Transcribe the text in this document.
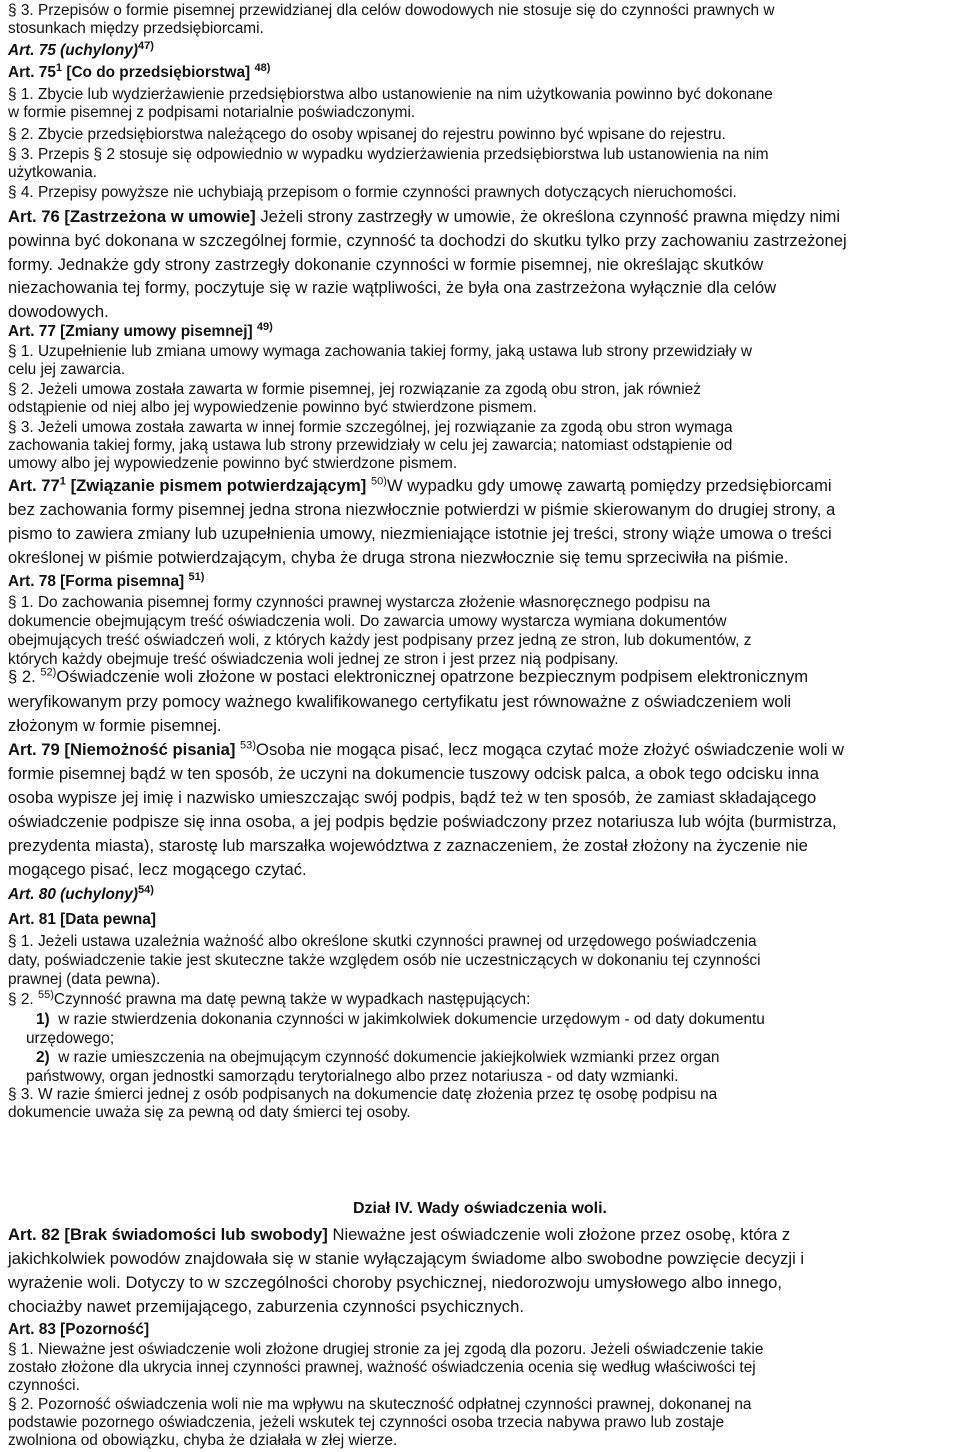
§ 3. Przepisów o formie pisemnej przewidzianej dla celów dowodowych nie stosuje się do czynności prawnych w
stosunkach między przedsiębiorcami.
Art. 75 (uchylony)$^{47)}$
Art. $75^1$ [Co do przedsiębiorstwa] $^{48)}$
§ 1. Zbycie lub wydzierżawienie przedsiębiorstwa albo ustanowienie na nim użytkowania powinno być dokonane
w formie pisemnej z podpisami notarialnie poświadczonymi.
§ 2. Zbycie przedsiębiorstwa należącego do osoby wpisanej do rejestru powinno być wpisane do rejestru.
§ 3. Przepis § 2 stosuje się odpowiednio w wypadku wydzierżawienia przedsiębiorstwa lub ustanowienia na nim
użytkowania.
§ 4. Przepisy powyższe nie uchybiają przepisom o formie czynności prawnych dotyczących nieruchomości.
Art. 76 [Zastrzeżona w umowie] Jeżeli strony zastrzegły w umowie, że określona czynność prawna między nimi
powinna być dokonana w szczególnej formie, czynność ta dochodzi do skutku tylko przy zachowaniu zastrzeżonej
formy. Jednakże gdy strony zastrzegły dokonanie czynności w formie pisemnej, nie określając skutków
niezachowania tej formy, poczytuje się w razie wątpliwości, że była ona zastrzeżona wyłącznie dla celów
dowodowych.
Art. 77 [Zmiany umowy pisemnej] $^{49)}$
§ 1. Uzupełnienie lub zmiana umowy wymaga zachowania takiej formy, jaką ustawa lub strony przewidziały w
celu jej zawarcia.
§ 2. Jeżeli umowa została zawarta w formie pisemnej, jej rozwiązanie za zgodą obu stron, jak również
odstąpienie od niej albo jej wypowiedzenie powinno być stwierdzone pismem.
§ 3. Jeżeli umowa została zawarta w innej formie szczególnej, jej rozwiązanie za zgodą obu stron wymaga
zachowania takiej formy, jaką ustawa lub strony przewidziały w celu jej zawarcia; natomiast odstąpienie od
umowy albo jej wypowiedzenie powinno być stwierdzone pismem.
Art. $77^1$ [Związanie pismem potwierdzającym] $^{50)}$W wypadku gdy umowę zawartą pomiędzy przedsiębiorcami
bez zachowania formy pisemnej jedna strona niezwłocznie potwierdzi w piśmie skierowanym do drugiej strony, a
pismo to zawiera zmiany lub uzupełnienia umowy, niezmieniające istotnie jej treści, strony wiąże umowa o treści
określonej w piśmie potwierdzającym, chyba że druga strona niezwłocznie się temu sprzeciwiła na piśmie.
Art. 78 [Forma pisemna] $^{51)}$
§ 1. Do zachowania pisemnej formy czynności prawnej wystarcza złożenie własnoręcznego podpisu na
dokumencie obejmującym treść oświadczenia woli. Do zawarcia umowy wystarcza wymiana dokumentów
obejmujących treść oświadczeń woli, z których każdy jest podpisany przez jedną ze stron, lub dokumentów, z
których każdy obejmuje treść oświadczenia woli jednej ze stron i jest przez nią podpisany.
§ 2. $^{52)}$Oświadczenie woli złożone w postaci elektronicznej opatrzone bezpiecznym podpisem elektronicznym
weryfikowanym przy pomocy ważnego kwalifikowanego certyfikatu jest równoważne z oświadczeniem woli
złożonym w formie pisemnej.
Art. 79 [Niemożność pisania] $^{53)}$Osoba nie mogąca pisać, lecz mogąca czytać może złożyć oświadczenie woli w
formie pisemnej bądź w ten sposób, że uczyni na dokumencie tuszowy odcisk palca, a obok tego odcisku inna
osoba wypisze jej imię i nazwisko umieszczając swój podpis, bądź też w ten sposób, że zamiast składającego
oświadczenie podpisze się inna osoba, a jej podpis będzie poświadczony przez notariusza lub wójta (burmistrza,
prezydenta miasta), starostę lub marszałka województwa z zaznaczeniem, że został złożony na życzenie nie
mogącego pisać, lecz mogącego czytać.
Art. 80 (uchylony)$^{54)}$
Art. 81 [Data pewna]
§ 1. Jeżeli ustawa uzależnia ważność albo określone skutki czynności prawnej od urzędowego poświadczenia
daty, poświadczenie takie jest skuteczne także względem osób nie uczestniczących w dokonaniu tej czynności
prawnej (data pewna).
§ 2. $^{55)}$Czynność prawna ma datę pewną także w wypadkach następujących:
1) w razie stwierdzenia dokonania czynności w jakimkolwiek dokumencie urzędowym - od daty dokumentu
urzędowego;
2) w razie umieszczenia na obejmującym czynność dokumencie jakiejkolwiek wzmianki przez organ
państwowy, organ jednostki samorządu terytorialnego albo przez notariusza - od daty wzmianki.
§ 3. W razie śmierci jednej z osób podpisanych na dokumencie datę złożenia przez tę osobę podpisu na
dokumencie uważa się za pewną od daty śmierci tej osoby.
Dział IV. Wady oświadczenia woli.
Art. 82 [Brak świadomości lub swobody] Nieważne jest oświadczenie woli złożone przez osobę, która z
jakichkolwiek powodów znajdowała się w stanie wyłączającym świadome albo swobodne powzięcie decyzji i
wyrażenie woli. Dotyczy to w szczególności choroby psychicznej, niedorozwoju umysłowego albo innego,
chociażby nawet przemijającego, zaburzenia czynności psychicznych.
Art. 83 [Pozorność]
§ 1. Nieważne jest oświadczenie woli złożone drugiej stronie za jej zgodą dla pozoru. Jeżeli oświadczenie takie
zostało złożone dla ukrycia innej czynności prawnej, ważność oświadczenia ocenia się według właściwości tej
czynności.
§ 2. Pozorność oświadczenia woli nie ma wpływu na skuteczność odpłatnej czynności prawnej, dokonanej na
podstawie pozornego oświadczenia, jeżeli wskutek tej czynności osoba trzecia nabywa prawo lub zostaje
zwolniona od obowiązku, chyba że działała w złej wierze.
